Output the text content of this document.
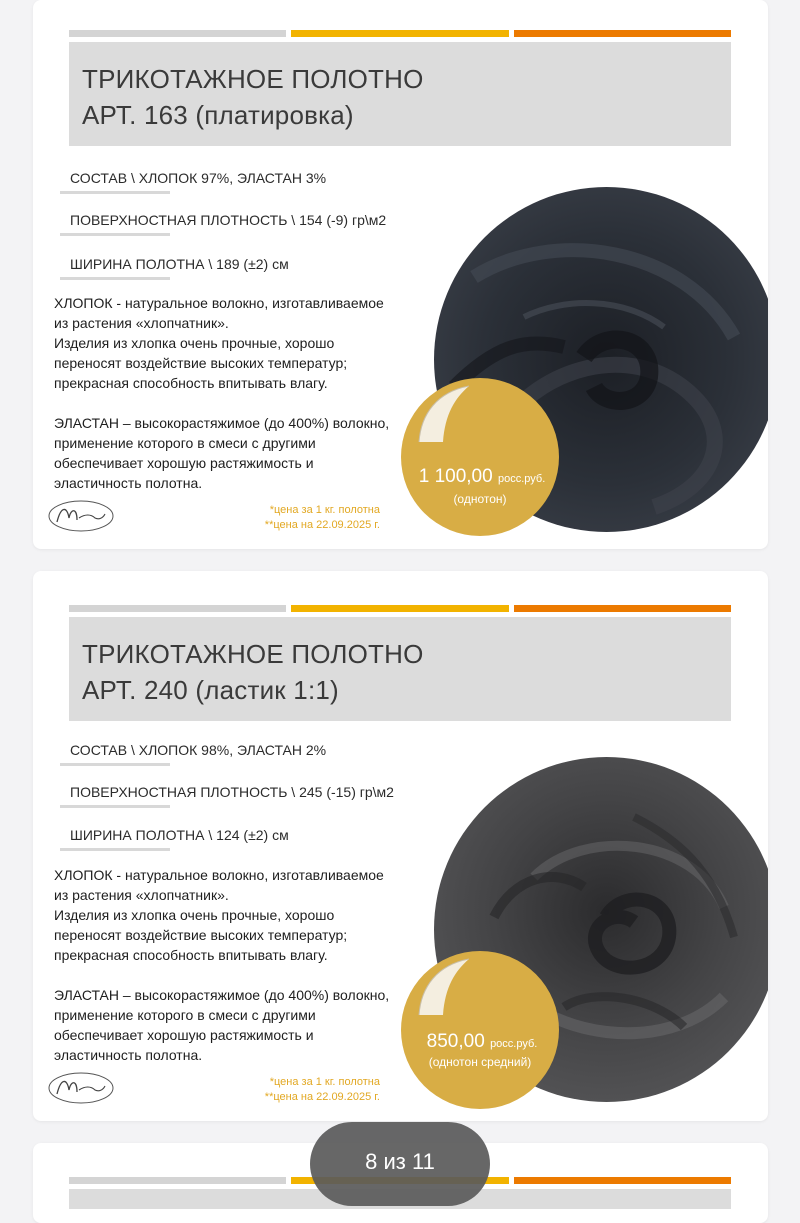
ТРИКОТАЖНОЕ ПОЛОТНО
АРТ. 163 (платировка)
СОСТАВ \ ХЛОПОК 97%, ЭЛАСТАН 3%
ПОВЕРХНОСТНАЯ ПЛОТНОСТЬ \ 154 (-9) гр\м2
ШИРИНА ПОЛОТНА \ 189 (±2) см

ХЛОПОК - натуральное волокно, изготавливаемое

из растения «хлопчатник».

Изделия из хлопка очень прочные, хорошо

переносят воздействие высоких температур;

прекрасная способность впитывать влагу.

ЭЛАСТАН – высокорастяжимое (до 400%) волокно,

применение которого в смеси с другими

обеспечивает хорошую растяжимость и

эластичность полотна.

*цена за 1 кг. полотна
**цена на 22.09.2025 г.
1 100,00 росс.руб.
(однотон)
ТРИКОТАЖНОЕ ПОЛОТНО
АРТ. 240 (ластик 1:1)
СОСТАВ \ ХЛОПОК 98%, ЭЛАСТАН 2%
ПОВЕРХНОСТНАЯ ПЛОТНОСТЬ \ 245 (-15) гр\м2
ШИРИНА ПОЛОТНА \ 124 (±2) см

ХЛОПОК - натуральное волокно, изготавливаемое

из растения «хлопчатник».

Изделия из хлопка очень прочные, хорошо

переносят воздействие высоких температур;

прекрасная способность впитывать влагу.

ЭЛАСТАН – высокорастяжимое (до 400%) волокно,

применение которого в смеси с другими

обеспечивает хорошую растяжимость и

эластичность полотна.

*цена за 1 кг. полотна
**цена на 22.09.2025 г.
850,00 росс.руб.
(однотон средний)
8 из 11
